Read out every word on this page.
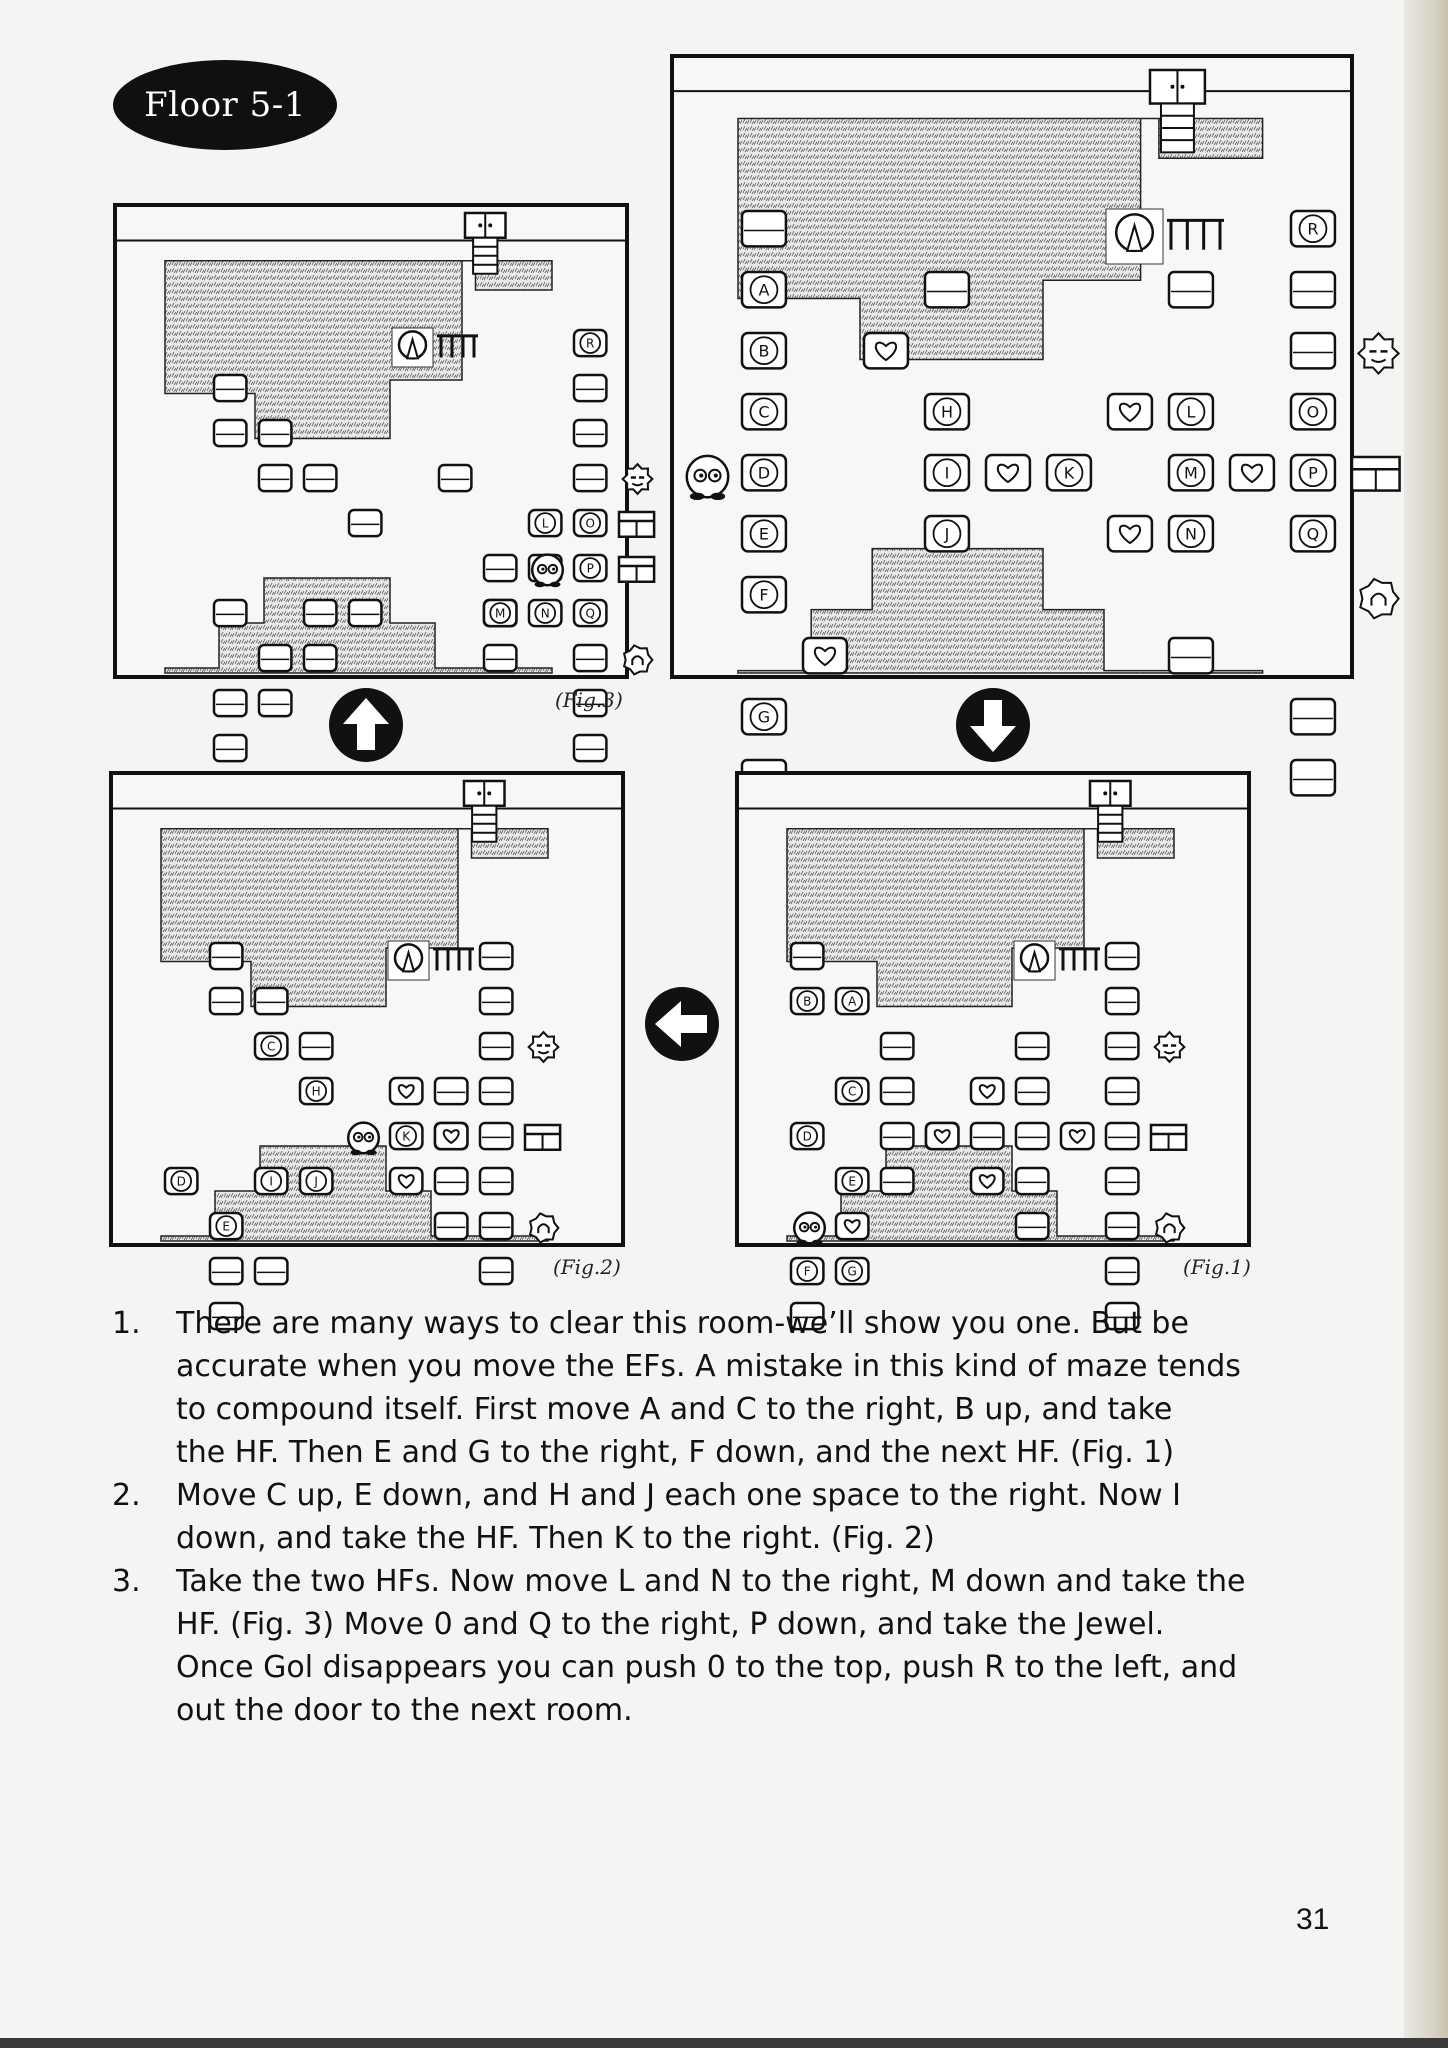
Floor 5-1
R
L	O
P
M	N	Q
A
B
C
D
E
F
G
H
I
J
K
L
M
N
R
O
P
Q
C
H
K
D	I	J
E
B	A
C
D
E
F	G
(Fig.3)
(Fig.2)	(Fig.1)
1. There are many ways to clear this room-we’ll show you one. But be
accurate when you move the EFs. A mistake in this kind of maze tends
to compound itself. First move A and C to the right, B up, and take
the HF. Then E and G to the right, F down, and the next HF. (Fig. 1)
2. Move C up, E down, and H and J each one space to the right. Now I
down, and take the HF. Then K to the right. (Fig. 2)
3. Take the two HFs. Now move L and N to the right, M down and take the
HF. (Fig. 3) Move 0 and Q to the right, P down, and take the Jewel.
Once Gol disappears you can push 0 to the top, push R to the left, and
out the door to the next room.
31
